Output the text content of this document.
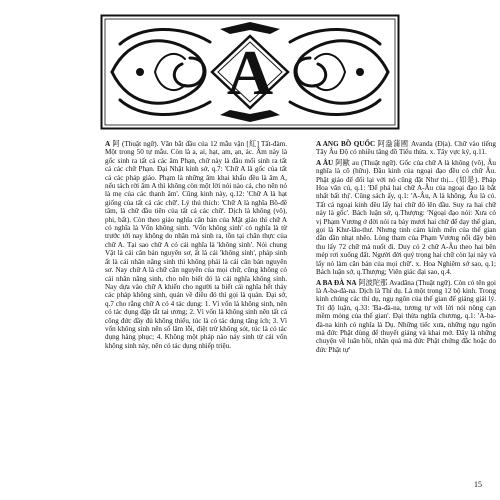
A

A 阿 (Thuật ngữ). Văn bắt đầu của 12 mẫu vận [紅] Tất-đàm. Một trong 50 tự mẫu. Còn là a, ai, hạt, am, ạn, ác. Âm này là gốc sinh ra tất cả các âm Phạn, chữ này là đầu mối sinh ra tất cả các chữ Phạn. Đại Nhật kinh sớ, q.7: 'Chữ A là gốc của tất cả các pháp giáo. Phạm là những âm khai khẩu đều là âm A, nếu tách rời âm A thì không còn một lời nói nào cả, cho nên nó là mẹ của các thanh âm'. Cũng kinh này, q.12: 'Chữ A là hạt giống của tất cả các chữ'. Lý thú thích: 'Chữ A là nghĩa Bồ-đề tâm, là chữ đầu tiên của tất cả các chữ'. Dịch là không (vô), phi, bất). Còn theo giáo nghĩa căn bản của Mật giáo thì chữ A có nghĩa là Vốn không sinh. 'Vốn không sinh' có nghĩa là từ trước tới nay không do nhân mà sinh ra, tồn tại chân thực của chữ A. Tại sao chữ A có cái nghĩa là 'không sinh'. Nói chung Vật là cái căn bản nguyên sơ, ất là cái 'không sinh', pháp sinh ất là cái nhân năng sinh thì không phải là cái căn bản nguyên sơ. Nay chữ A là chữ căn nguyên của mọi chữ, cũng không có cái nhân năng sinh, cho nên biết đó là cái nghĩa không sinh. Nay dựa vào chữ A khiến cho người ta biết cái nghĩa hết thảy các pháp không sinh, quán về điều đó thì gọi là quán. Đại sớ, q.7 cho rằng chữ A có 4 tác dụng: 1. Vì vốn là không sinh, nên có tác dụng đập tắt tai ương; 2. Vì vốn là không sinh nên tất cả công đức đầy đủ không thiếu, túc là có tác dụng tăng ích; 3. Vì vốn không sinh nên số lâm lỗi, diệt trừ không sót, túc là có tác dụng hàng phục; 4. Không một pháp nào nảy sinh từ cái vốn không sinh này, nên có tác dụng nhiếp triệu.

A ANG BỒ QUỐC 阿盎蒲國 Avanda (Địa). Chữ vào tiếng Tây Âu Độ có nhiều tăng đồ Tiểu thừa. x. Tây vực ký, q.11.

A ÂU 阿歐 au (Thuật ngữ). Gốc của chữ A là không (vô), Âu nghĩa là cõ (hữu). Đầu kinh của ngoại đạo đều có chữ Âu. Phật giáo để đối lại với nó cũng đặt Như thị... (如是). Pháp Hoa văn cú, q.1: 'Để phá hai chữ A-Âu của ngoại đạo là bắt nhất bất thị'. Cũng sách ấy, q.1: 'A-Âu, A là không, Âu là có. Tất cả ngoại kinh đều lấy hai chữ đó lên đầu. Suy ra hai chữ này là gốc'. Bách luận sớ, q.Thượng: 'Ngoại đạo nói: Xưa có vị Phạm Vương ở đời nói ra bảy mươi hai chữ để dạy thế gian, gọi là Khư-lâu-thư. Nhưng tinh cảm kính mến của thế gian dần dần nhạt nhẽo. Lòng tham của Phạm Vương nổi dậy bèn thu lấy 72 chữ mà nuốt đi. Duy có 2 chữ A-Âu theo hai bên mép rơi xuống đất. Người đời quý trọng hai chữ còn lại này và lấy nó làm căn bản của mọi chữ'. x. Hoa Nghiêm sớ sao, q.1; Bách luận sớ, q.Thượng; Viên giác đại sao, q.4.

A BA ĐÀ NA 阿波陀那 Avadāna (Thuật ngữ). Còn có tên gọi là A-ba-đà-na. Dịch là Thí dụ. Là một trong 12 bộ kinh. Trong kinh chúng các thí dụ, ngụ ngôn của thế gian để giảng giải lý. Trí độ luận, q.33: 'Ba-đà-na, tương tự với lời nói nông cạn mềm mỏng của thế gian'. Đại thừa nghĩa chương, q.1: 'A-ba-đà-na kinh có nghĩa là Dụ. Những tiếc xưa, những ngụ ngôn mà đức Phật dùng để thuyết giảng và khai mở. Đây là những chuyện về luân hồi, nhân quả mà đức Phật chứng đắc hoặc do đức Phật tự'

15
